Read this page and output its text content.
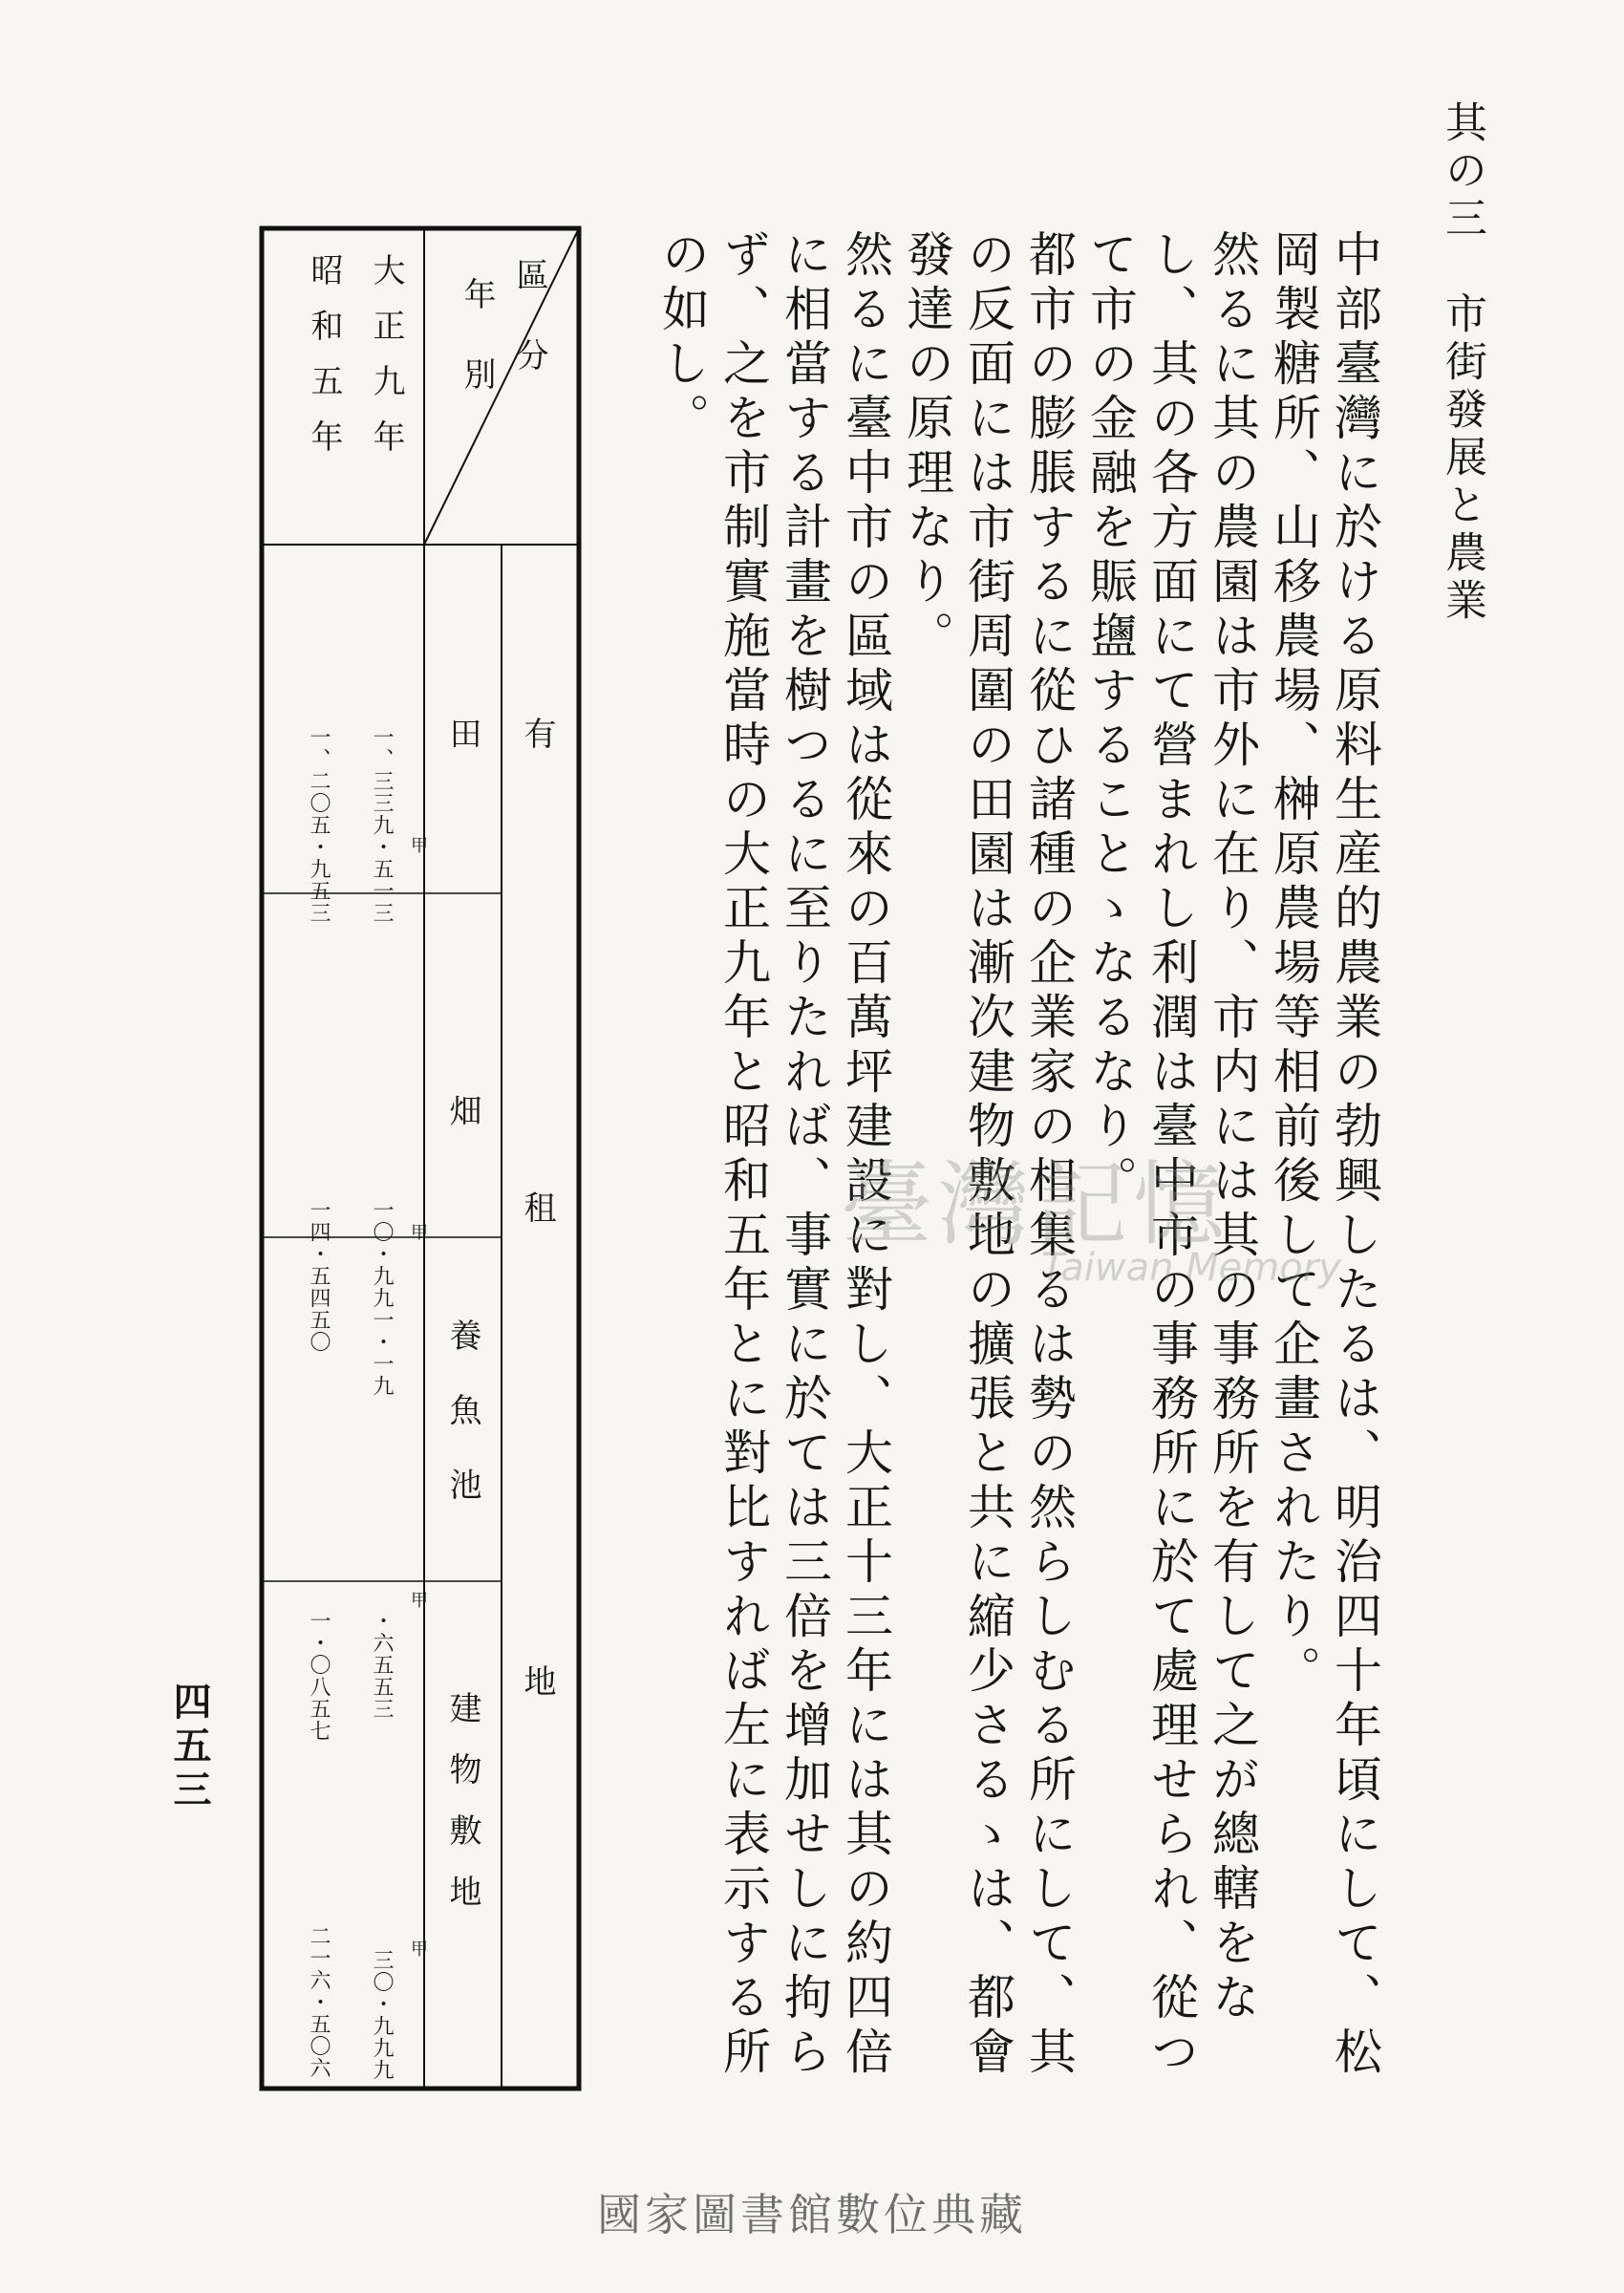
其の三　市街發展と農業

中部臺灣に於ける原料生産的農業の勃興したるは、明治四十年頃にして、松岡製糖所、山移農場、榊原農場等相前後して企畫されたり。

然るに其の農園は市外に在り、市内には其の事務所を有して之が總轄をなし、其の各方面にて營まれし利潤は臺中市の事務所に於て處理せられ、從つて市の金融を賑䀋することゝなるなり。

都市の膨脹するに從ひ諸種の企業家の相集るは勢の然らしむる所にして、其の反面には市街周圍の田園は漸次建物敷地の擴張と共に縮少さるゝは、都會發達の原理なり。

然るに臺中市の區域は從來の百萬坪建設に對し、大正十三年には其の約四倍に相當する計畫を樹つるに至りたれば、事實に於ては三倍を增加せしに拘らず、之を市制實施當時の大正九年と昭和五年とに對比すれば左に表示する所の如し。

區　分
年　別
大正九年
昭和五年
有　　　租　　　地
田
畑
養魚池
建物敷地
甲
甲
甲
甲
一、三三九・五一三
一〇・九九一・一九
・六五五三
三〇・九九九
一、二〇五・九五三
一四・五四五〇
一・〇八五七
二一六・五〇六一
四五三
臺灣記憶
Taiwan Memory
國家圖書館數位典藏
